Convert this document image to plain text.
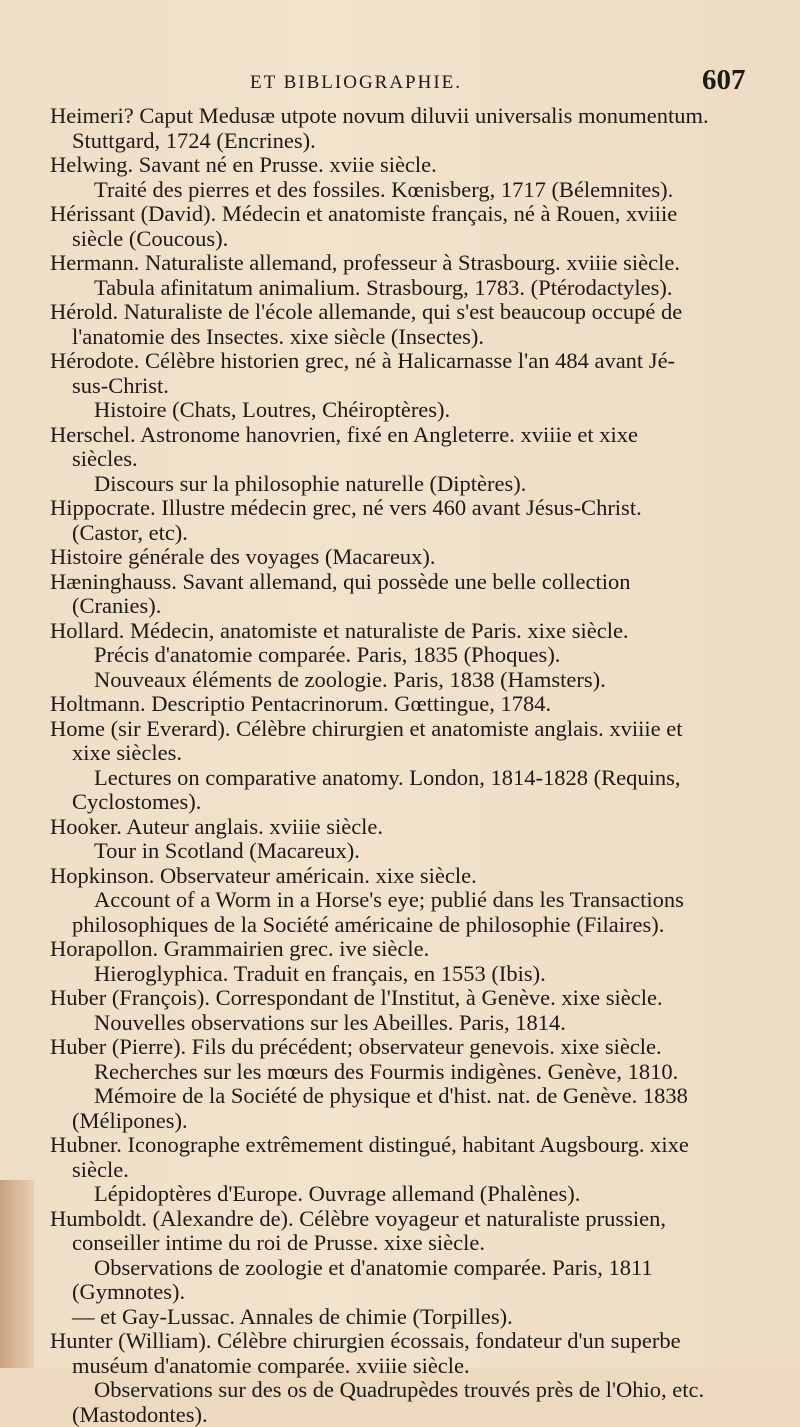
ET BIBLIOGRAPHIE.	607
Heimeri? Caput Medusæ utpote novum diluvii universalis monumentum.
Stuttgard, 1724 (Encrines).
Helwing. Savant né en Prusse. xviie siècle.
Traité des pierres et des fossiles. Kœnisberg, 1717 (Bélemnites).
Hérissant (David). Médecin et anatomiste français, né à Rouen, xviiie
siècle (Coucous).
Hermann. Naturaliste allemand, professeur à Strasbourg. xviiie siècle.
Tabula afinitatum animalium. Strasbourg, 1783. (Ptérodactyles).
Hérold. Naturaliste de l'école allemande, qui s'est beaucoup occupé de
l'anatomie des Insectes. xixe siècle (Insectes).
Hérodote. Célèbre historien grec, né à Halicarnasse l'an 484 avant Jé-
sus-Christ.
Histoire (Chats, Loutres, Chéiroptères).
Herschel. Astronome hanovrien, fixé en Angleterre. xviiie et xixe
siècles.
Discours sur la philosophie naturelle (Diptères).
Hippocrate. Illustre médecin grec, né vers 460 avant Jésus-Christ.
(Castor, etc).
Histoire générale des voyages (Macareux).
Hæninghauss. Savant allemand, qui possède une belle collection
(Cranies).
Hollard. Médecin, anatomiste et naturaliste de Paris. xixe siècle.
Précis d'anatomie comparée. Paris, 1835 (Phoques).
Nouveaux éléments de zoologie. Paris, 1838 (Hamsters).
Holtmann. Descriptio Pentacrinorum. Gœttingue, 1784.
Home (sir Everard). Célèbre chirurgien et anatomiste anglais. xviiie et
xixe siècles.
Lectures on comparative anatomy. London, 1814-1828 (Requins,
Cyclostomes).
Hooker. Auteur anglais. xviiie siècle.
Tour in Scotland (Macareux).
Hopkinson. Observateur américain. xixe siècle.
Account of a Worm in a Horse's eye; publié dans les Transactions
philosophiques de la Société américaine de philosophie (Filaires).
Horapollon. Grammairien grec. ive siècle.
Hieroglyphica. Traduit en français, en 1553 (Ibis).
Huber (François). Correspondant de l'Institut, à Genève. xixe siècle.
Nouvelles observations sur les Abeilles. Paris, 1814.
Huber (Pierre). Fils du précédent; observateur genevois. xixe siècle.
Recherches sur les mœurs des Fourmis indigènes. Genève, 1810.
Mémoire de la Société de physique et d'hist. nat. de Genève. 1838
(Mélipones).
Hubner. Iconographe extrêmement distingué, habitant Augsbourg. xixe
siècle.
Lépidoptères d'Europe. Ouvrage allemand (Phalènes).
Humboldt. (Alexandre de). Célèbre voyageur et naturaliste prussien,
conseiller intime du roi de Prusse. xixe siècle.
Observations de zoologie et d'anatomie comparée. Paris, 1811
(Gymnotes).
— et Gay-Lussac. Annales de chimie (Torpilles).
Hunter (William). Célèbre chirurgien écossais, fondateur d'un superbe
muséum d'anatomie comparée. xviiie siècle.
Observations sur des os de Quadrupèdes trouvés près de l'Ohio, etc.
(Mastodontes).
